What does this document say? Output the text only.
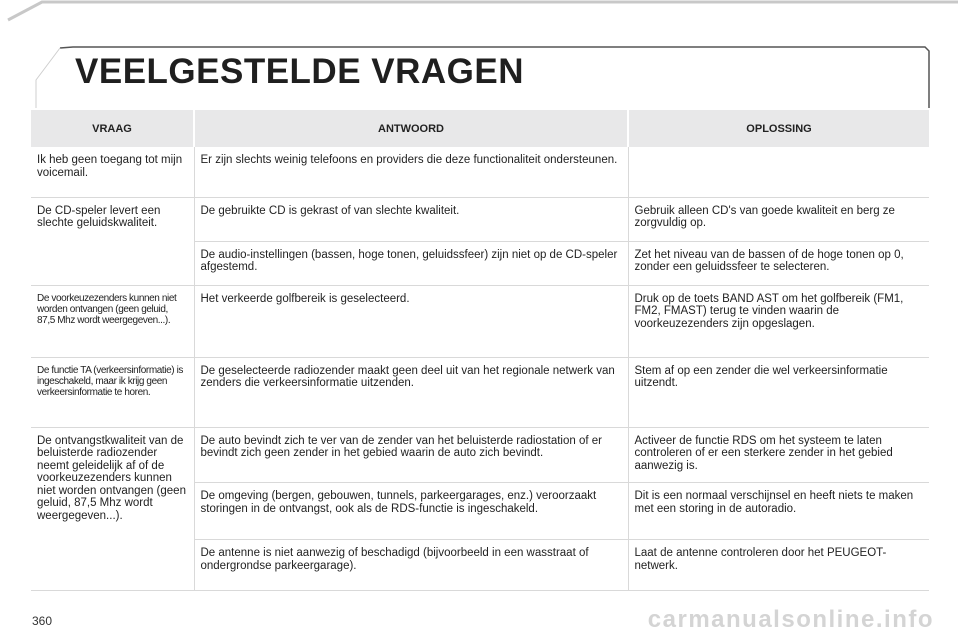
VEELGESTELDE VRAGEN
VRAAG	ANTWOORD	OPLOSSING
Ik heb geen toegang tot mijn voicemail.	Er zijn slechts weinig telefoons en providers die deze functionaliteit ondersteunen.	
De CD-speler levert een slechte geluidskwaliteit.	De gebruikte CD is gekrast of van slechte kwaliteit.	Gebruik alleen CD's van goede kwaliteit en berg ze zorgvuldig op.
	De audio-instellingen (bassen, hoge tonen, geluidssfeer) zijn niet op de CD-speler afgestemd.	Zet het niveau van de bassen of de hoge tonen op 0, zonder een geluidssfeer te selecteren.
De voorkeuzezenders kunnen niet worden ontvangen (geen geluid, 87,5 Mhz wordt weergegeven...).	Het verkeerde golfbereik is geselecteerd.	Druk op de toets BAND AST om het golfbereik (FM1, FM2, FMAST) terug te vinden waarin de voorkeuzezenders zijn opgeslagen.
De functie TA (verkeersinformatie) is ingeschakeld, maar ik krijg geen verkeersinformatie te horen.	De geselecteerde radiozender maakt geen deel uit van het regionale netwerk van zenders die verkeersinformatie uitzenden.	Stem af op een zender die wel verkeersinformatie uitzendt.
De ontvangstkwaliteit van de beluisterde radiozender neemt geleidelijk af of de voorkeuzezenders kunnen niet worden ontvangen (geen geluid, 87,5 Mhz wordt weergegeven...).	De auto bevindt zich te ver van de zender van het beluisterde radiostation of er bevindt zich geen zender in het gebied waarin de auto zich bevindt.	Activeer de functie RDS om het systeem te laten controleren of er een sterkere zender in het gebied aanwezig is.
	De omgeving (bergen, gebouwen, tunnels, parkeergarages, enz.) veroorzaakt storingen in de ontvangst, ook als de RDS-functie is ingeschakeld.	Dit is een normaal verschijnsel en heeft niets te maken met een storing in de autoradio.
	De antenne is niet aanwezig of beschadigd (bijvoorbeeld in een wasstraat of ondergrondse parkeergarage).	Laat de antenne controleren door het PEUGEOT-netwerk.
360	carmanualsonline.info
